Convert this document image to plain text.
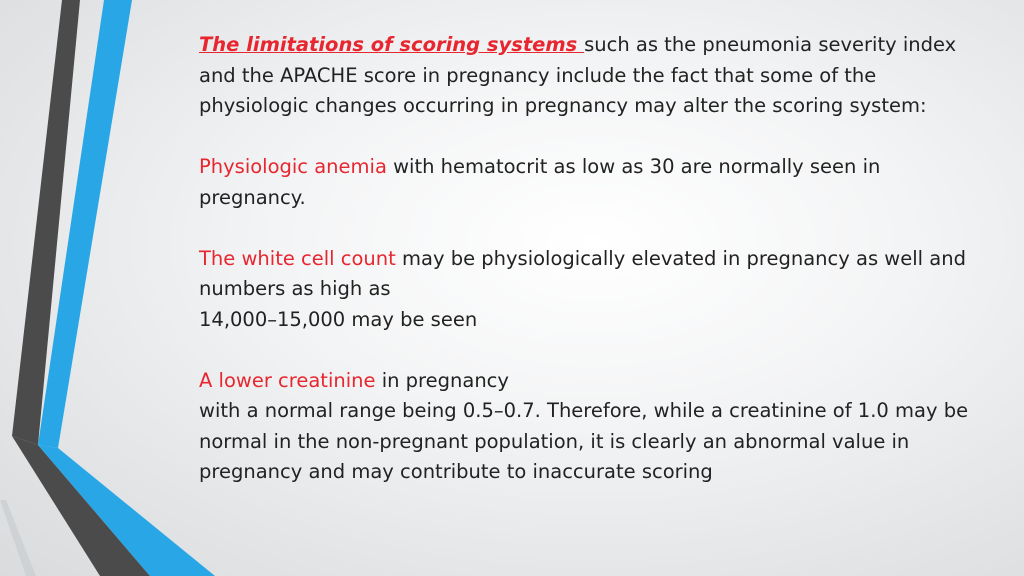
The limitations of scoring systems such as the pneumonia severity index and the APACHE score in pregnancy include the fact that some of the physiologic changes occurring in pregnancy may alter the scoring system:

Physiologic anemia with hematocrit as low as 30 are normally seen in pregnancy.

The white cell count may be physiologically elevated in pregnancy as well and numbers as high as
14,000–15,000 may be seen

A lower creatinine in pregnancy
with a normal range being 0.5–0.7. Therefore, while a creatinine of 1.0 may be normal in the non-pregnant population, it is clearly an abnormal value in pregnancy and may contribute to inaccurate scoring
